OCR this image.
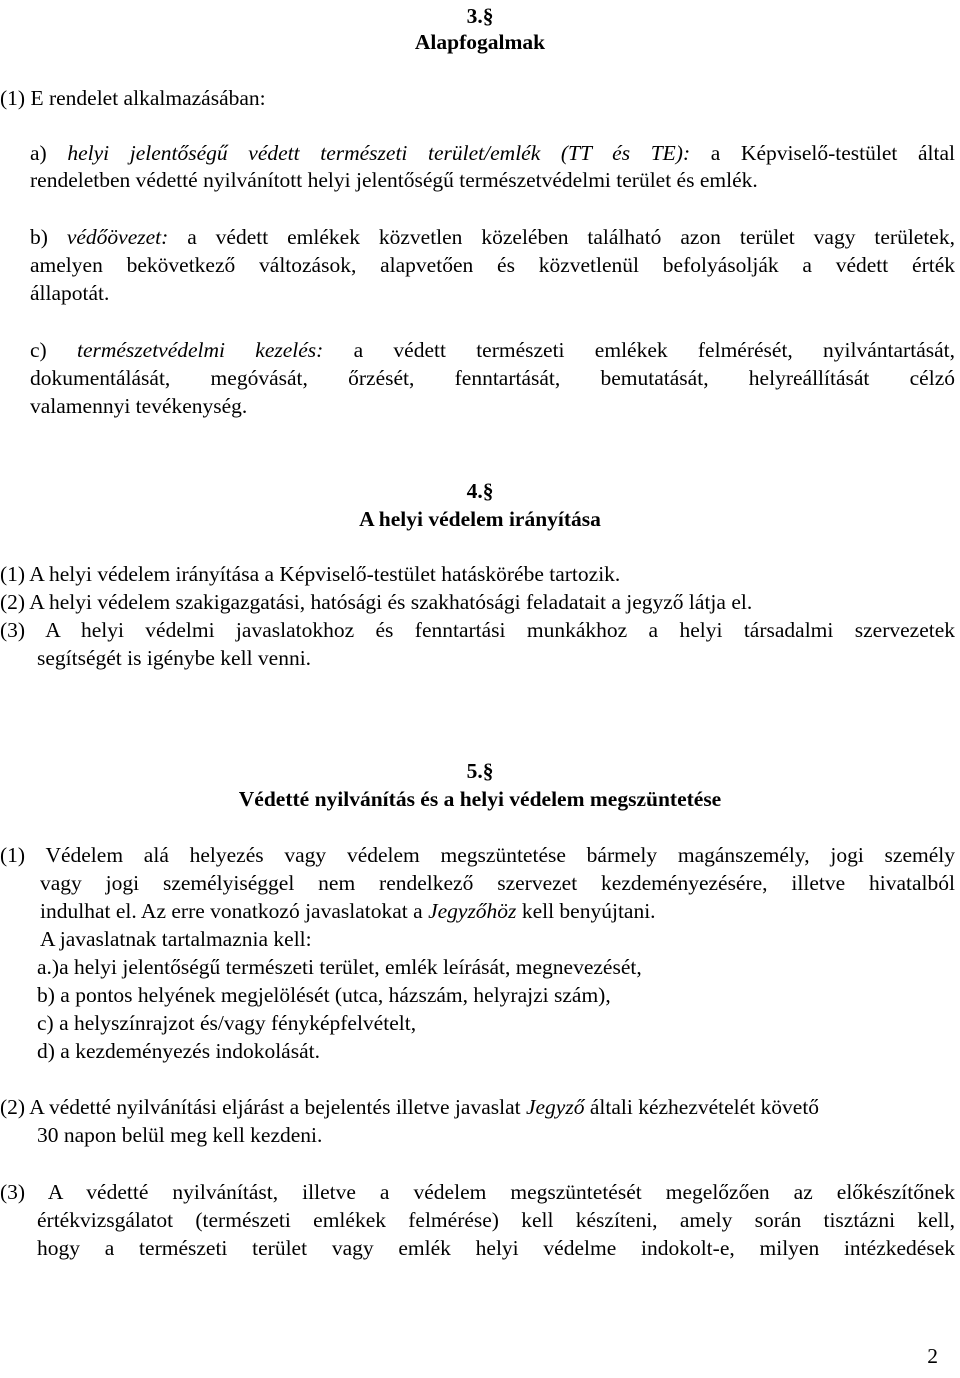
3.§
Alapfogalmak
(1) E rendelet alkalmazásában:
a) helyi jelentőségű védett természeti terület/emlék (TT és TE): a Képviselő-testület által
rendeletben védetté nyilvánított helyi jelentőségű természetvédelmi terület és emlék.
b) védőövezet: a védett emlékek közvetlen közelében található azon terület vagy területek,
amelyen bekövetkező változások, alapvetően és közvetlenül befolyásolják a védett érték
állapotát.
c) természetvédelmi kezelés: a védett természeti emlékek felmérését, nyilvántartását,
dokumentálását, megóvását, őrzését, fenntartását, bemutatását, helyreállítását célzó
valamennyi tevékenység.
4.§
A helyi védelem irányítása
(1) A helyi védelem irányítása a Képviselő-testület hatáskörébe tartozik.
(2) A helyi védelem szakigazgatási, hatósági és szakhatósági feladatait a jegyző látja el.
(3) A helyi védelmi javaslatokhoz és fenntartási munkákhoz a helyi társadalmi szervezetek
segítségét is igénybe kell venni.
5.§
Védetté nyilvánítás és a helyi védelem megszüntetése
(1) Védelem alá helyezés vagy védelem megszüntetése bármely magánszemély, jogi személy
vagy jogi személyiséggel nem rendelkező szervezet kezdeményezésére, illetve hivatalból
indulhat el. Az erre vonatkozó javaslatokat a Jegyzőhöz kell benyújtani.
A javaslatnak tartalmaznia kell:
a.)a helyi jelentőségű természeti terület, emlék leírását, megnevezését,
b) a pontos helyének megjelölését (utca, házszám, helyrajzi szám),
c) a helyszínrajzot és/vagy fényképfelvételt,
d) a kezdeményezés indokolását.
(2) A védetté nyilvánítási eljárást a bejelentés illetve javaslat Jegyző általi kézhezvételét követő
30 napon belül meg kell kezdeni.
(3) A védetté nyilvánítást, illetve a védelem megszüntetését megelőzően az előkészítőnek
értékvizsgálatot (természeti emlékek felmérése) kell készíteni, amely során tisztázni kell,
hogy a természeti terület vagy emlék helyi védelme indokolt-e, milyen intézkedések
2
